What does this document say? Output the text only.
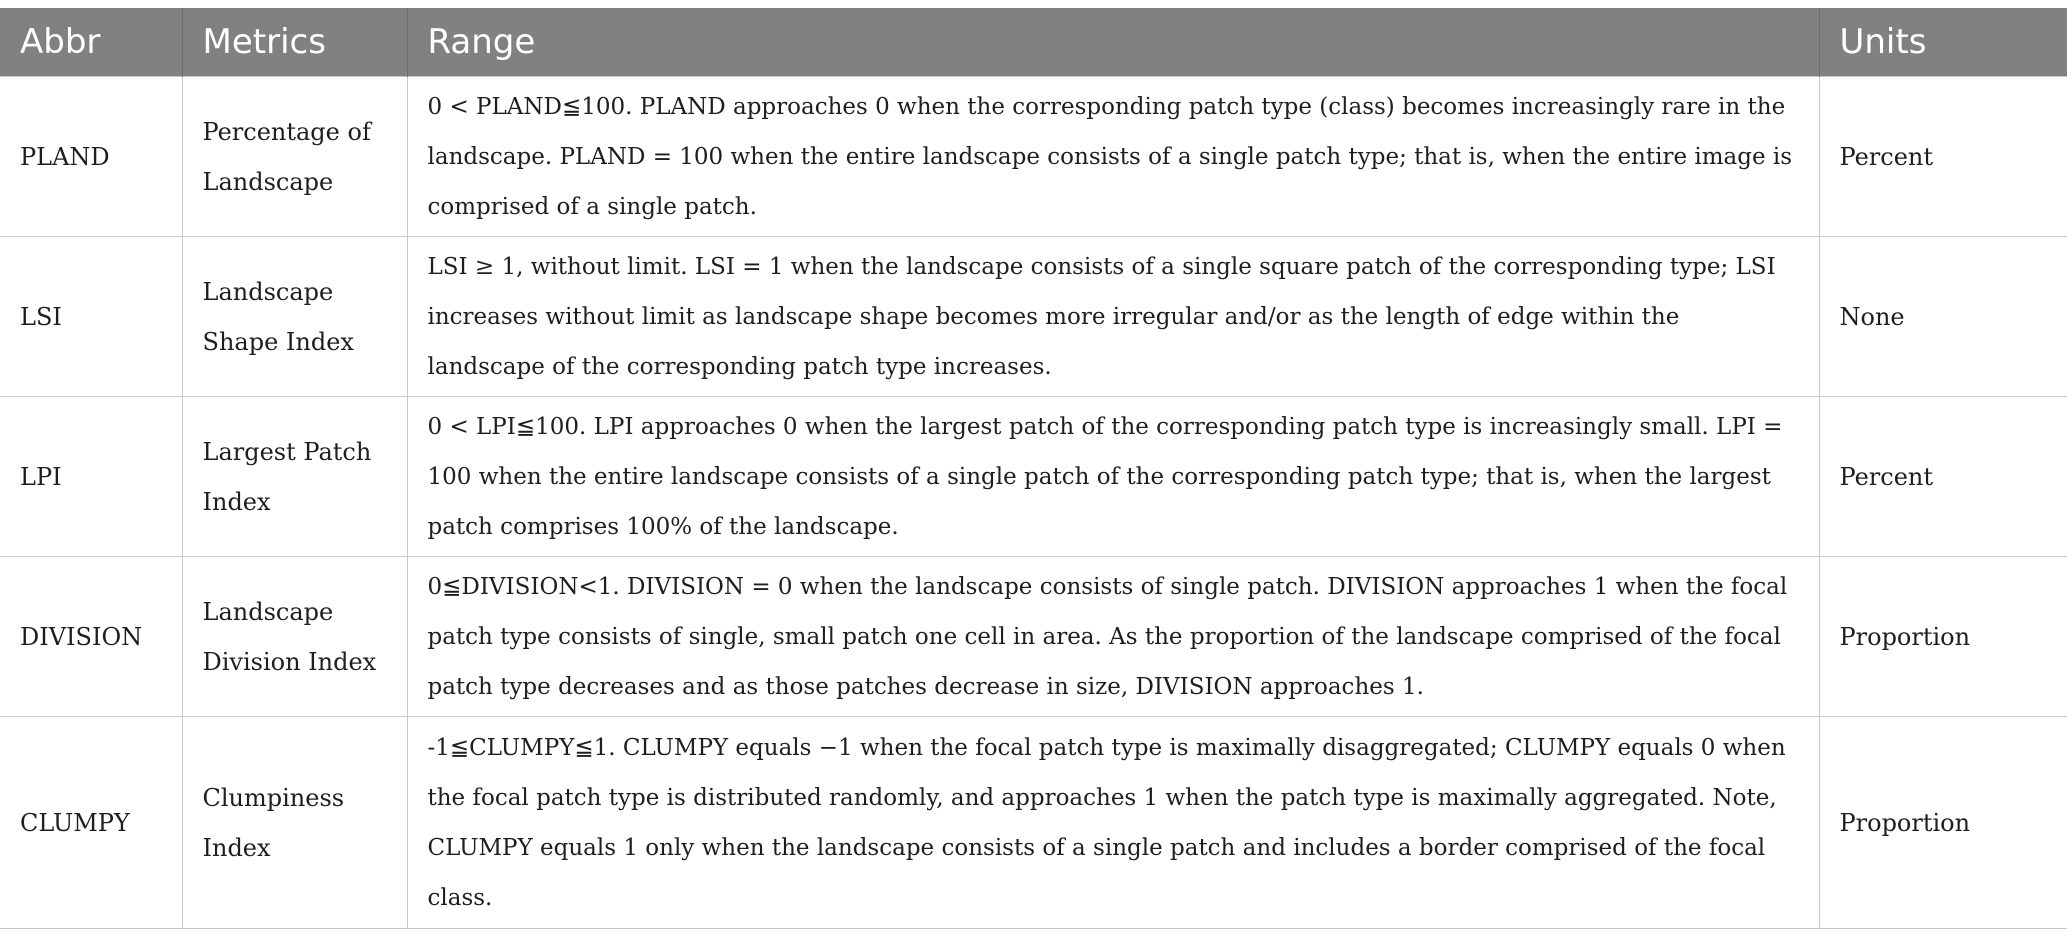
Abbr	Metrics	Range	Units
PLAND	Percentage of Landscape	0 < PLAND≦100. PLAND approaches 0 when the corresponding patch type (class) becomes increasingly rare in the landscape. PLAND = 100 when the entire landscape consists of a single patch type; that is, when the entire image is comprised of a single patch.	Percent
LSI	Landscape Shape Index	LSI ≥ 1, without limit. LSI = 1 when the landscape consists of a single square patch of the corresponding type; LSI increases without limit as landscape shape becomes more irregular and/or as the length of edge within the landscape of the corresponding patch type increases.	None
LPI	Largest Patch Index	0 < LPI≦100. LPI approaches 0 when the largest patch of the corresponding patch type is increasingly small. LPI = 100 when the entire landscape consists of a single patch of the corresponding patch type; that is, when the largest patch comprises 100% of the landscape.	Percent
DIVISION	Landscape Division Index	0≦DIVISION<1. DIVISION = 0 when the landscape consists of single patch. DIVISION approaches 1 when the focal patch type consists of single, small patch one cell in area. As the proportion of the landscape comprised of the focal patch type decreases and as those patches decrease in size, DIVISION approaches 1.	Proportion
CLUMPY	Clumpiness Index	-1≦CLUMPY≦1. CLUMPY equals −1 when the focal patch type is maximally disaggregated; CLUMPY equals 0 when the focal patch type is distributed randomly, and approaches 1 when the patch type is maximally aggregated. Note, CLUMPY equals 1 only when the landscape consists of a single patch and includes a border comprised of the focal class.	Proportion
